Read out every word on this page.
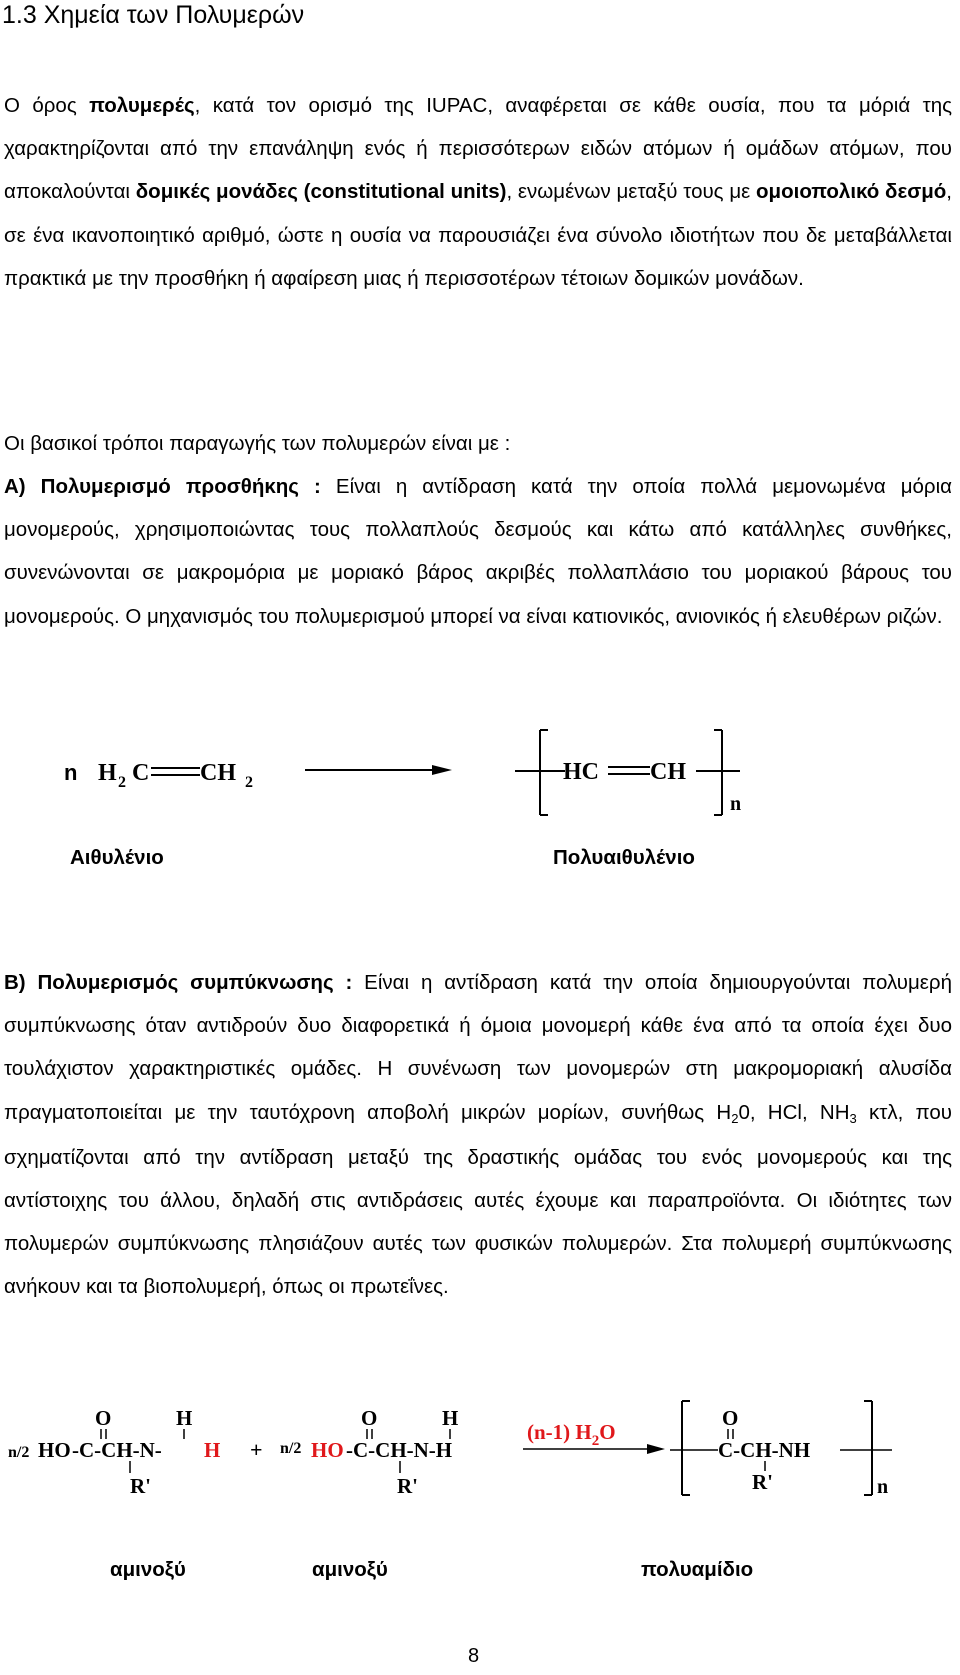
1.3 Χημεία των Πολυμερών
Ο όρος πολυμερές, κατά τον ορισμό της IUPAC, αναφέρεται σε κάθε ουσία, που τα μόριά της χαρακτηρίζονται από την επανάληψη ενός ή περισσότερων ειδών ατόμων ή ομάδων ατόμων, που αποκαλούνται δομικές μονάδες (constitutional units), ενωμένων μεταξύ τους με ομοιοπολικό δεσμό, σε ένα ικανοποιητικό αριθμό, ώστε η ουσία να παρουσιάζει ένα σύνολο ιδιοτήτων που δε μεταβάλλεται πρακτικά με την προσθήκη ή αφαίρεση μιας ή περισσοτέρων τέτοιων δομικών μονάδων.
Οι βασικοί τρόποι παραγωγής των πολυμερών είναι με :
Α) Πολυμερισμό προσθήκης : Είναι η αντίδραση κατά την οποία πολλά μεμονωμένα μόρια μονομερούς, χρησιμοποιώντας τους πολλαπλούς δεσμούς και κάτω από κατάλληλες συνθήκες, συνενώνονται σε μακρομόρια με μοριακό βάρος ακριβές πολλαπλάσιο του μοριακού βάρους του μονομερούς. Ο μηχανισμός του πολυμερισμού μπορεί να είναι κατιονικός, ανιονικός ή ελευθέρων ριζών.
n H 2 C CH 2	HC CH
n
Αιθυλένιο	Πολυαιθυλένιο
Β) Πολυμερισμός συμπύκνωσης : Είναι η αντίδραση κατά την οποία δημιουργούνται πολυμερή συμπύκνωσης όταν αντιδρούν δυο διαφορετικά ή όμοια μονομερή κάθε ένα από τα οποία έχει δυο τουλάχιστον χαρακτηριστικές ομάδες. Η συνένωση των μονομερών στη μακρομοριακή αλυσίδα πραγματοποιείται με την ταυτόχρονη αποβολή μικρών μορίων, συνήθως H20, HCl, NH3 κτλ, που σχηματίζονται από την αντίδραση μεταξύ της δραστικής ομάδας του ενός μονομερούς και της αντίστοιχης του άλλου, δηλαδή στις αντιδράσεις αυτές έχουμε και παραπροϊόντα. Οι ιδιότητες των πολυμερών συμπύκνωσης πλησιάζουν αυτές των φυσικών πολυμερών. Στα πολυμερή συμπύκνωσης ανήκουν και τα βιοπολυμερή, όπως οι πρωτεΐνες.
O	H
n/2 HO -C-CH-N- H
R'
+
O	H
n/2 HO -C-CH-N-H
R'
(n-1) $H_2O$
O
C-CH-NH
R'	n
αμινοξύ	αμινοξύ	πολυαμίδιο
8
